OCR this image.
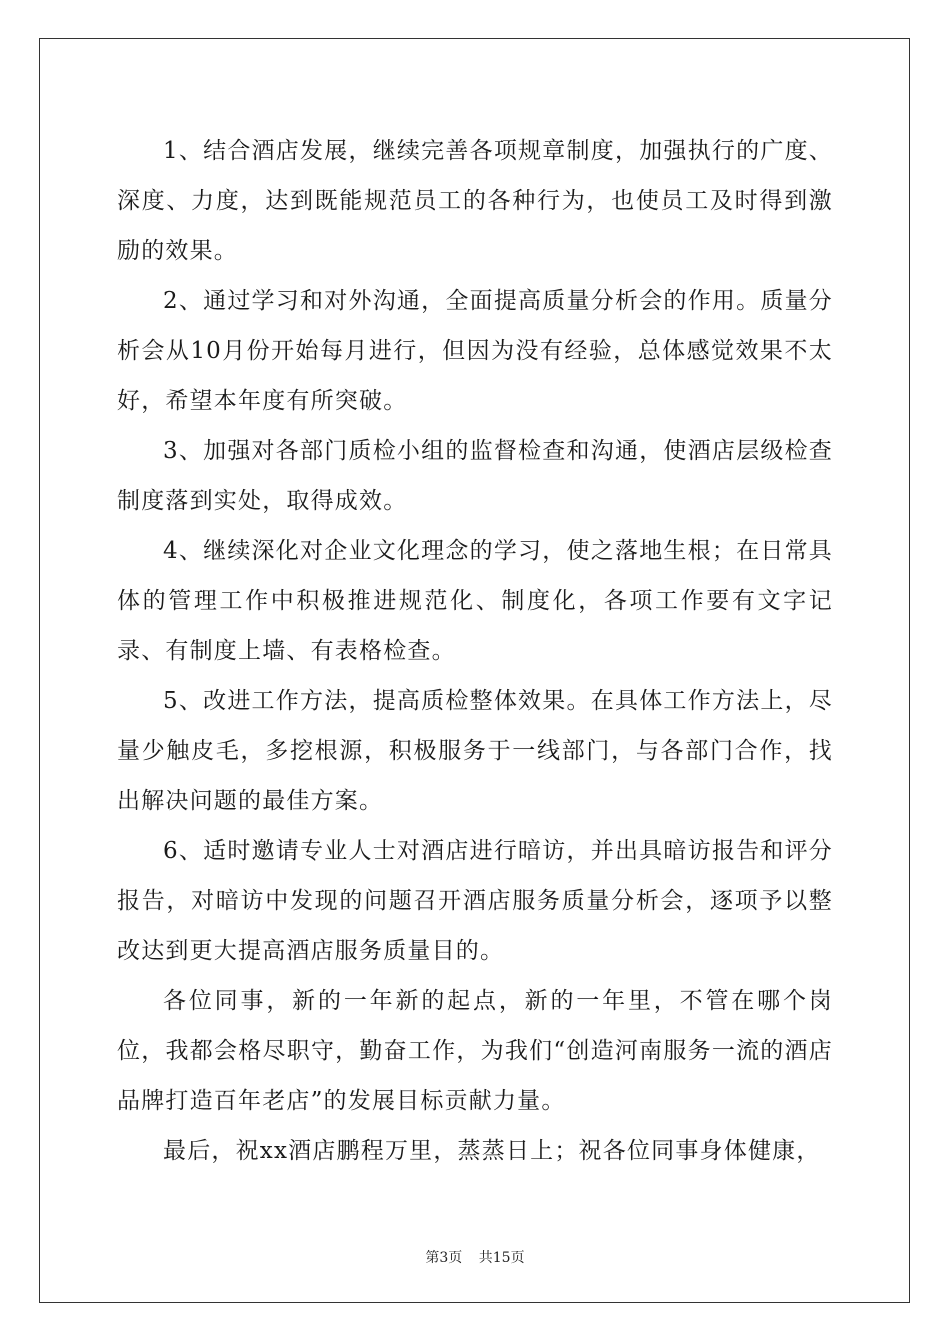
1、结合酒店发展，继续完善各项规章制度，加强执行的广度、深度、力度，达到既能规范员工的各种行为，也使员工及时得到激励的效果。

2、通过学习和对外沟通，全面提高质量分析会的作用。质量分析会从10月份开始每月进行，但因为没有经验，总体感觉效果不太好，希望本年度有所突破。

3、加强对各部门质检小组的监督检查和沟通，使酒店层级检查制度落到实处，取得成效。

4、继续深化对企业文化理念的学习，使之落地生根；在日常具体的管理工作中积极推进规范化、制度化，各项工作要有文字记录、有制度上墙、有表格检查。

5、改进工作方法，提高质检整体效果。在具体工作方法上，尽量少触皮毛，多挖根源，积极服务于一线部门，与各部门合作，找出解决问题的最佳方案。

6、适时邀请专业人士对酒店进行暗访，并出具暗访报告和评分报告，对暗访中发现的问题召开酒店服务质量分析会，逐项予以整改达到更大提高酒店服务质量目的。

各位同事，新的一年新的起点，新的一年里，不管在哪个岗位，我都会格尽职守，勤奋工作，为我们“创造河南服务一流的酒店品牌打造百年老店”的发展目标贡献力量。

最后，祝xx酒店鹏程万里，蒸蒸日上；祝各位同事身体健康，

第3页 共15页
